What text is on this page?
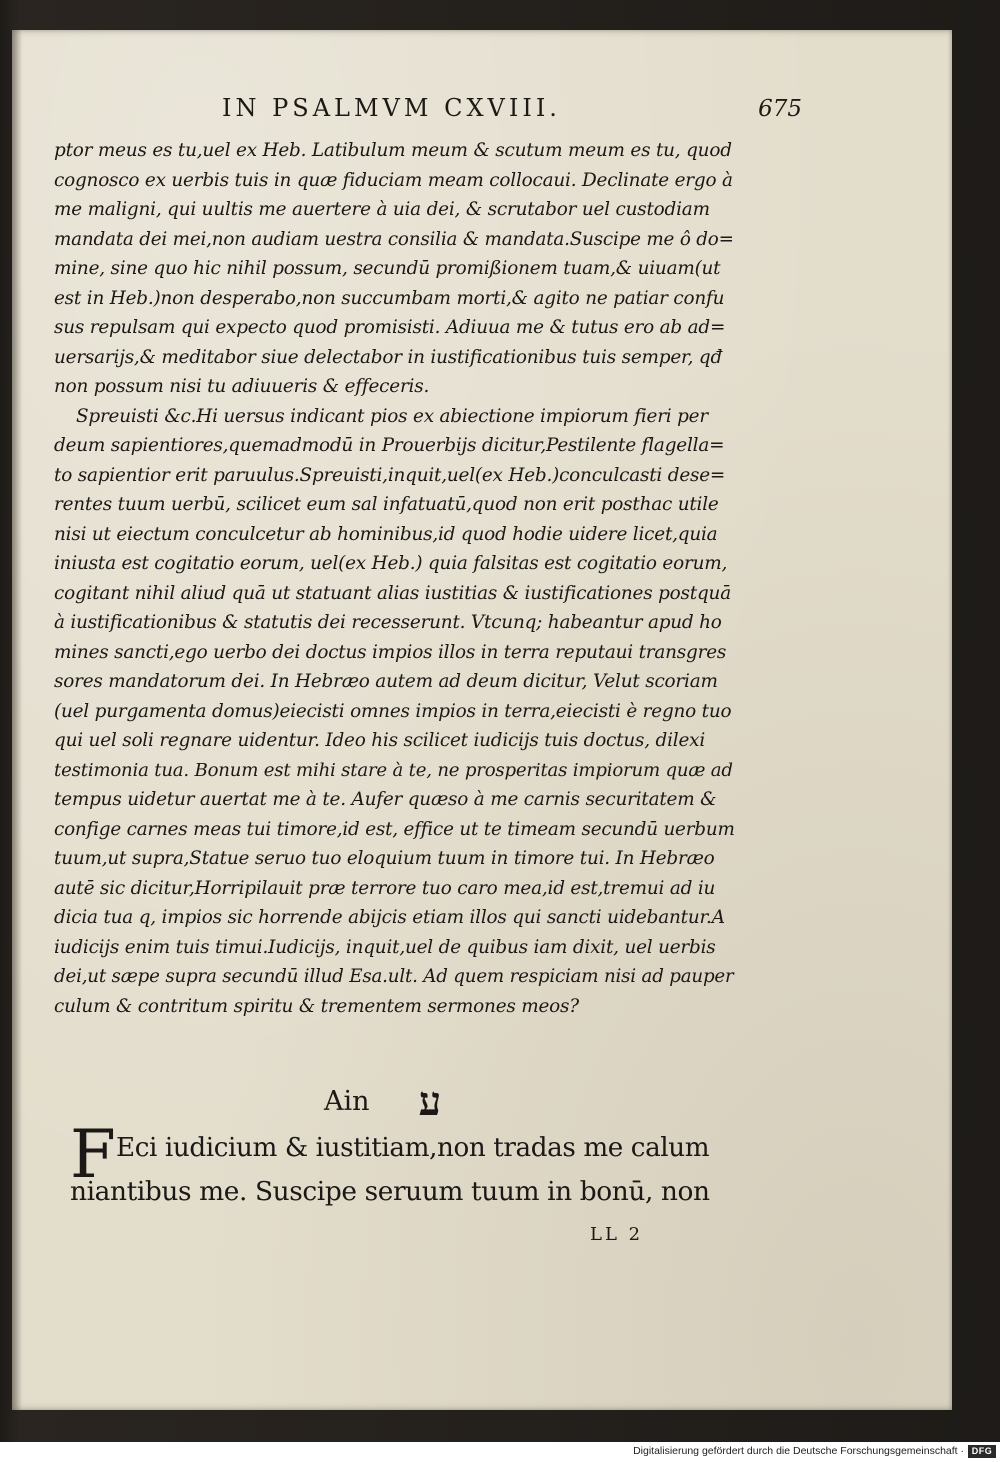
IN PSALMVM CXVIII.	675
ptor meus es tu,uel ex Heb. Latibulum meum & scutum meum es tu, quod
cognosco ex uerbis tuis in quæ fiduciam meam collocaui. Declinate ergo à
me maligni, qui uultis me auertere à uia dei, & scrutabor uel custodiam
mandata dei mei,non audiam uestra consilia & mandata.Suscipe me ô do=
mine, sine quo hic nihil possum, secundū promißionem tuam,& uiuam(ut
est in Heb.)non desperabo,non succumbam morti,& agito ne patiar confu
sus repulsam qui expecto quod promisisti. Adiuua me & tutus ero ab ad=
uersarijs,& meditabor siue delectabor in iustificationibus tuis semper, qđ
non possum nisi tu adiuueris & effeceris.
Spreuisti &c.Hi uersus indicant pios ex abiectione impiorum fieri per
deum sapientiores,quemadmodū in Prouerbijs dicitur,Pestilente flagella=
to sapientior erit paruulus.Spreuisti,inquit,uel(ex Heb.)conculcasti dese=
rentes tuum uerbū, scilicet eum sal infatuatū,quod non erit posthac utile
nisi ut eiectum conculcetur ab hominibus,id quod hodie uidere licet,quia
iniusta est cogitatio eorum, uel(ex Heb.) quia falsitas est cogitatio eorum,
cogitant nihil aliud quā ut statuant alias iustitias & iustificationes postquā
à iustificationibus & statutis dei recesserunt. Vtcunq; habeantur apud ho
mines sancti,ego uerbo dei doctus impios illos in terra reputaui transgres
sores mandatorum dei. In Hebræo autem ad deum dicitur, Velut scoriam
(uel purgamenta domus)eiecisti omnes impios in terra,eiecisti è regno tuo
qui uel soli regnare uidentur. Ideo his scilicet iudicijs tuis doctus, dilexi
testimonia tua. Bonum est mihi stare à te, ne prosperitas impiorum quæ ad
tempus uidetur auertat me à te. Aufer quæso à me carnis securitatem &
confige carnes meas tui timore,id est, effice ut te timeam secundū uerbum
tuum,ut supra,Statue seruo tuo eloquium tuum in timore tui. In Hebræo
autē sic dicitur,Horripilauit præ terrore tuo caro mea,id est,tremui ad iu
dicia tua q, impios sic horrende abijcis etiam illos qui sancti uidebantur.A
iudicijs enim tuis timui.Iudicijs, inquit,uel de quibus iam dixit, uel uerbis
dei,ut sæpe supra secundū illud Esa.ult. Ad quem respiciam nisi ad pauper
culum & contritum spiritu & trementem sermones meos?
Ain ע
F Eci iudicium & iustitiam,non tradas me calum
niantibus me. Suscipe seruum tuum in bonū, non
LL 2
Digitalisierung gefördert durch die Deutsche Forschungsgemeinschaft · DFG
